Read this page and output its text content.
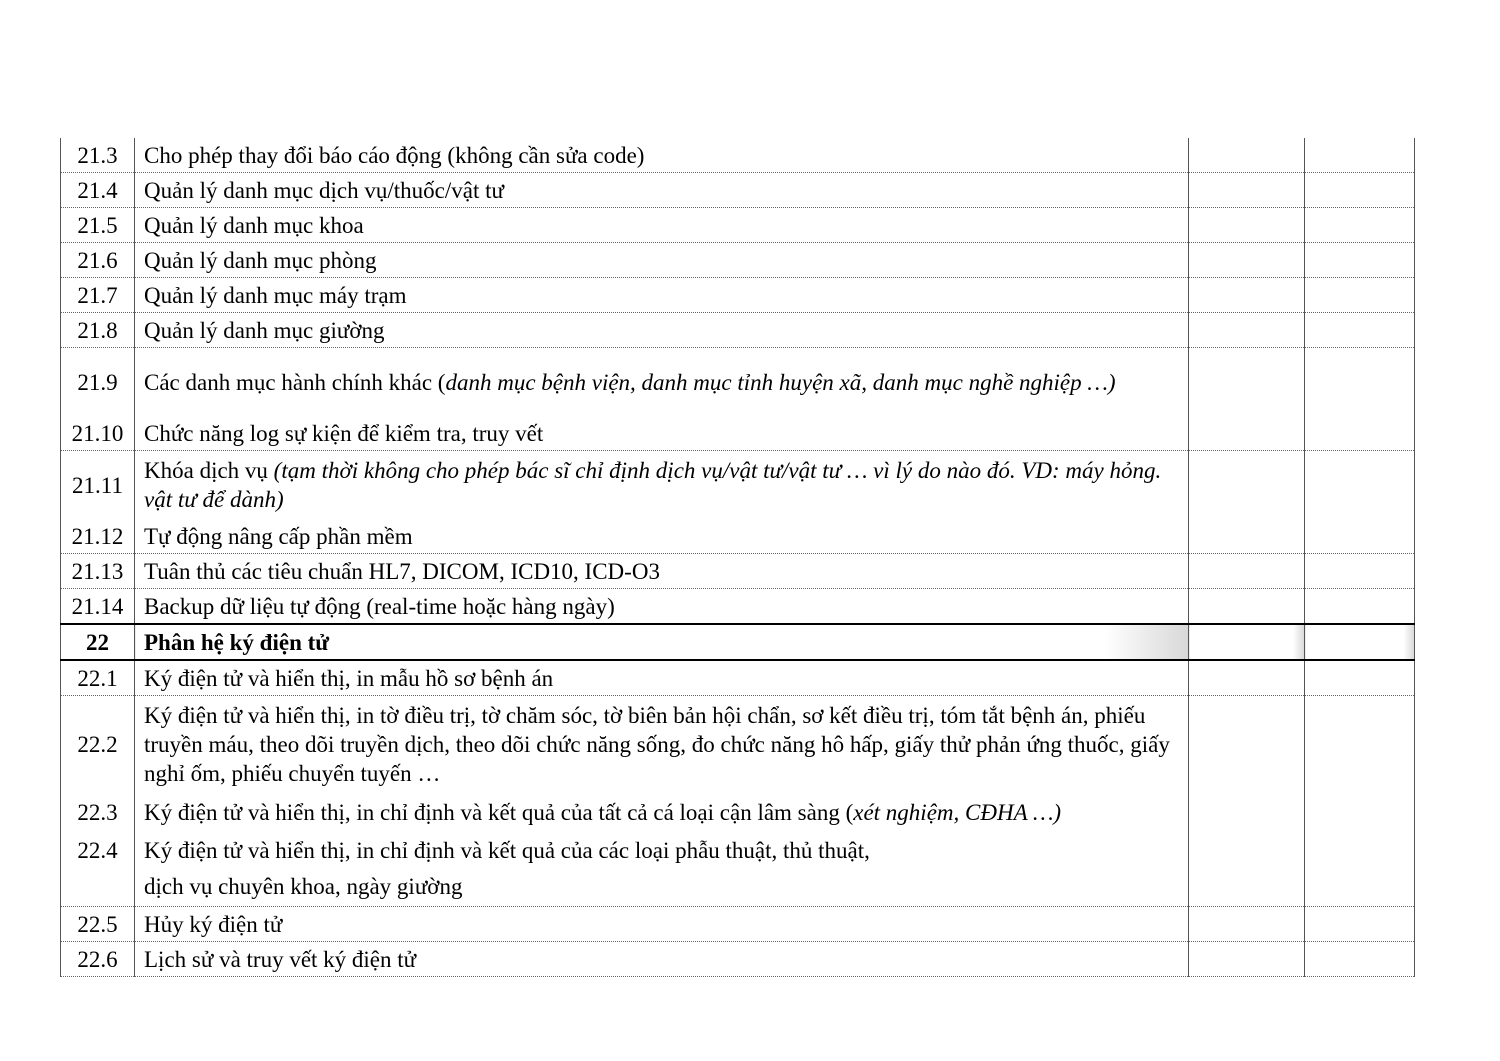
21.3	Cho phép thay đổi báo cáo động (không cần sửa code)		
21.4	Quản lý danh mục dịch vụ/thuốc/vật tư		
21.5	Quản lý danh mục khoa		
21.6	Quản lý danh mục phòng		
21.7	Quản lý danh mục máy trạm		
21.8	Quản lý danh mục giường		
21.9	Các danh mục hành chính khác (danh mục bệnh viện, danh mục tỉnh huyện xã, danh mục nghề nghiệp …)		
21.10	Chức năng log sự kiện để kiểm tra, truy vết		
21.11	Khóa dịch vụ (tạm thời không cho phép bác sĩ chỉ định dịch vụ/vật tư/vật tư … vì lý do nào đó. VD: máy hỏng. vật tư để dành)		
21.12	Tự động nâng cấp phần mềm		
21.13	Tuân thủ các tiêu chuẩn HL7, DICOM, ICD10, ICD-O3		
21.14	Backup dữ liệu tự động (real-time hoặc hàng ngày)		
22	Phân hệ ký điện tử		
22.1	Ký điện tử và hiển thị, in mẫu hồ sơ bệnh án		
22.2	Ký điện tử và hiển thị, in tờ điều trị, tờ chăm sóc, tờ biên bản hội chẩn, sơ kết điều trị, tóm tắt bệnh án, phiếu truyền máu, theo dõi truyền dịch, theo dõi chức năng sống, đo chức năng hô hấp, giấy thử phản ứng thuốc, giấy nghỉ ốm, phiếu chuyển tuyến …		
22.3	Ký điện tử và hiển thị, in chỉ định và kết quả của tất cả cá loại cận lâm sàng (xét nghiệm, CĐHA …)		
22.4	Ký điện tử và hiển thị, in chỉ định và kết quả của các loại phẫu thuật, thủ thuật,
dịch vụ chuyên khoa, ngày giường		

22.5	Hủy ký điện tử		
22.6	Lịch sử và truy vết ký điện tử		
